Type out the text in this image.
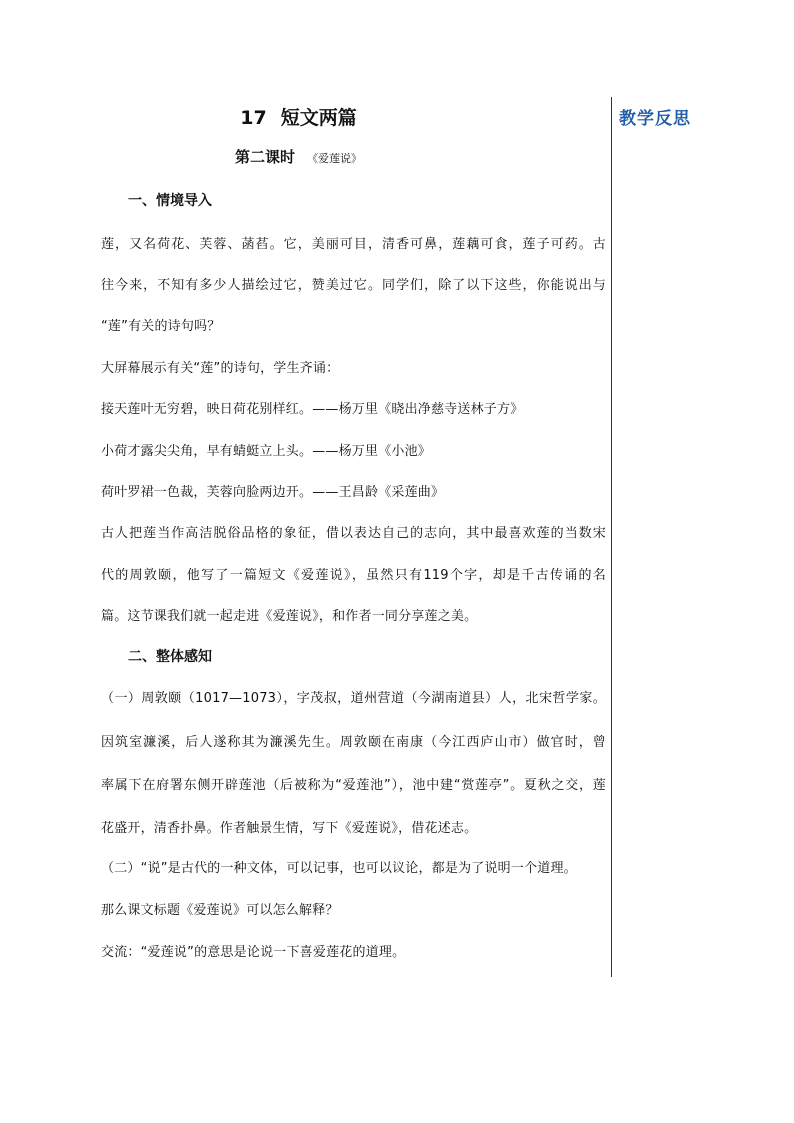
教学反思
17 短文两篇
第二课时 《爱莲说》
一、情境导入
莲，又名荷花、芙蓉、菡萏。它，美丽可目，清香可鼻，莲藕可食，莲子可药。古
往今来，不知有多少人描绘过它，赞美过它。同学们，除了以下这些，你能说出与
“莲”有关的诗句吗？
大屏幕展示有关“莲”的诗句，学生齐诵：
接天莲叶无穷碧，映日荷花别样红。——杨万里《晓出净慈寺送林子方》
小荷才露尖尖角，早有蜻蜓立上头。——杨万里《小池》
荷叶罗裙一色裁，芙蓉向脸两边开。——王昌龄《采莲曲》
古人把莲当作高洁脱俗品格的象征，借以表达自己的志向，其中最喜欢莲的当数宋
代的周敦颐，他写了一篇短文《爱莲说》，虽然只有119个字，却是千古传诵的名
篇。这节课我们就一起走进《爱莲说》，和作者一同分享莲之美。
二、整体感知
（一）周敦颐（1017—1073），字茂叔，道州营道（今湖南道县）人，北宋哲学家。
因筑室濂溪，后人遂称其为濂溪先生。周敦颐在南康（今江西庐山市）做官时，曾
率属下在府署东侧开辟莲池（后被称为“爱莲池”），池中建“赏莲亭”。夏秋之交，莲
花盛开，清香扑鼻。作者触景生情，写下《爱莲说》，借花述志。
（二）“说”是古代的一种文体，可以记事，也可以议论，都是为了说明一个道理。
那么课文标题《爱莲说》可以怎么解释？
交流：“爱莲说”的意思是论说一下喜爱莲花的道理。
